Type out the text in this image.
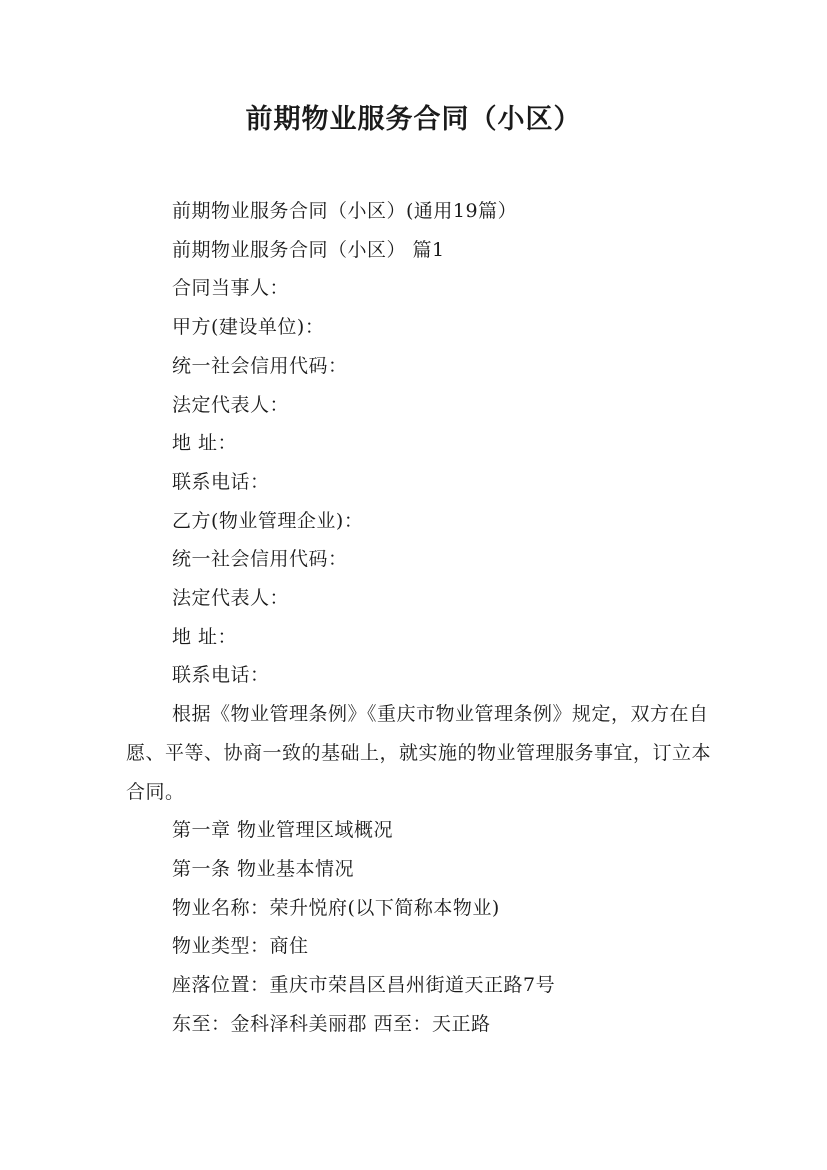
前期物业服务合同（小区）
前期物业服务合同（小区）(通用19篇）
前期物业服务合同（小区） 篇1
合同当事人：
甲方(建设单位)：
统一社会信用代码：
法定代表人：
地 址：
联系电话：
乙方(物业管理企业)：
统一社会信用代码：
法定代表人：
地 址：
联系电话：
根据《物业管理条例》《重庆市物业管理条例》规定，双方在自愿、平等、协商一致的基础上，就实施的物业管理服务事宜，订立本合同。
第一章 物业管理区域概况
第一条 物业基本情况
物业名称：荣升悦府(以下简称本物业)
物业类型：商住
座落位置：重庆市荣昌区昌州街道天正路7号
东至：金科泽科美丽郡 西至：天正路
